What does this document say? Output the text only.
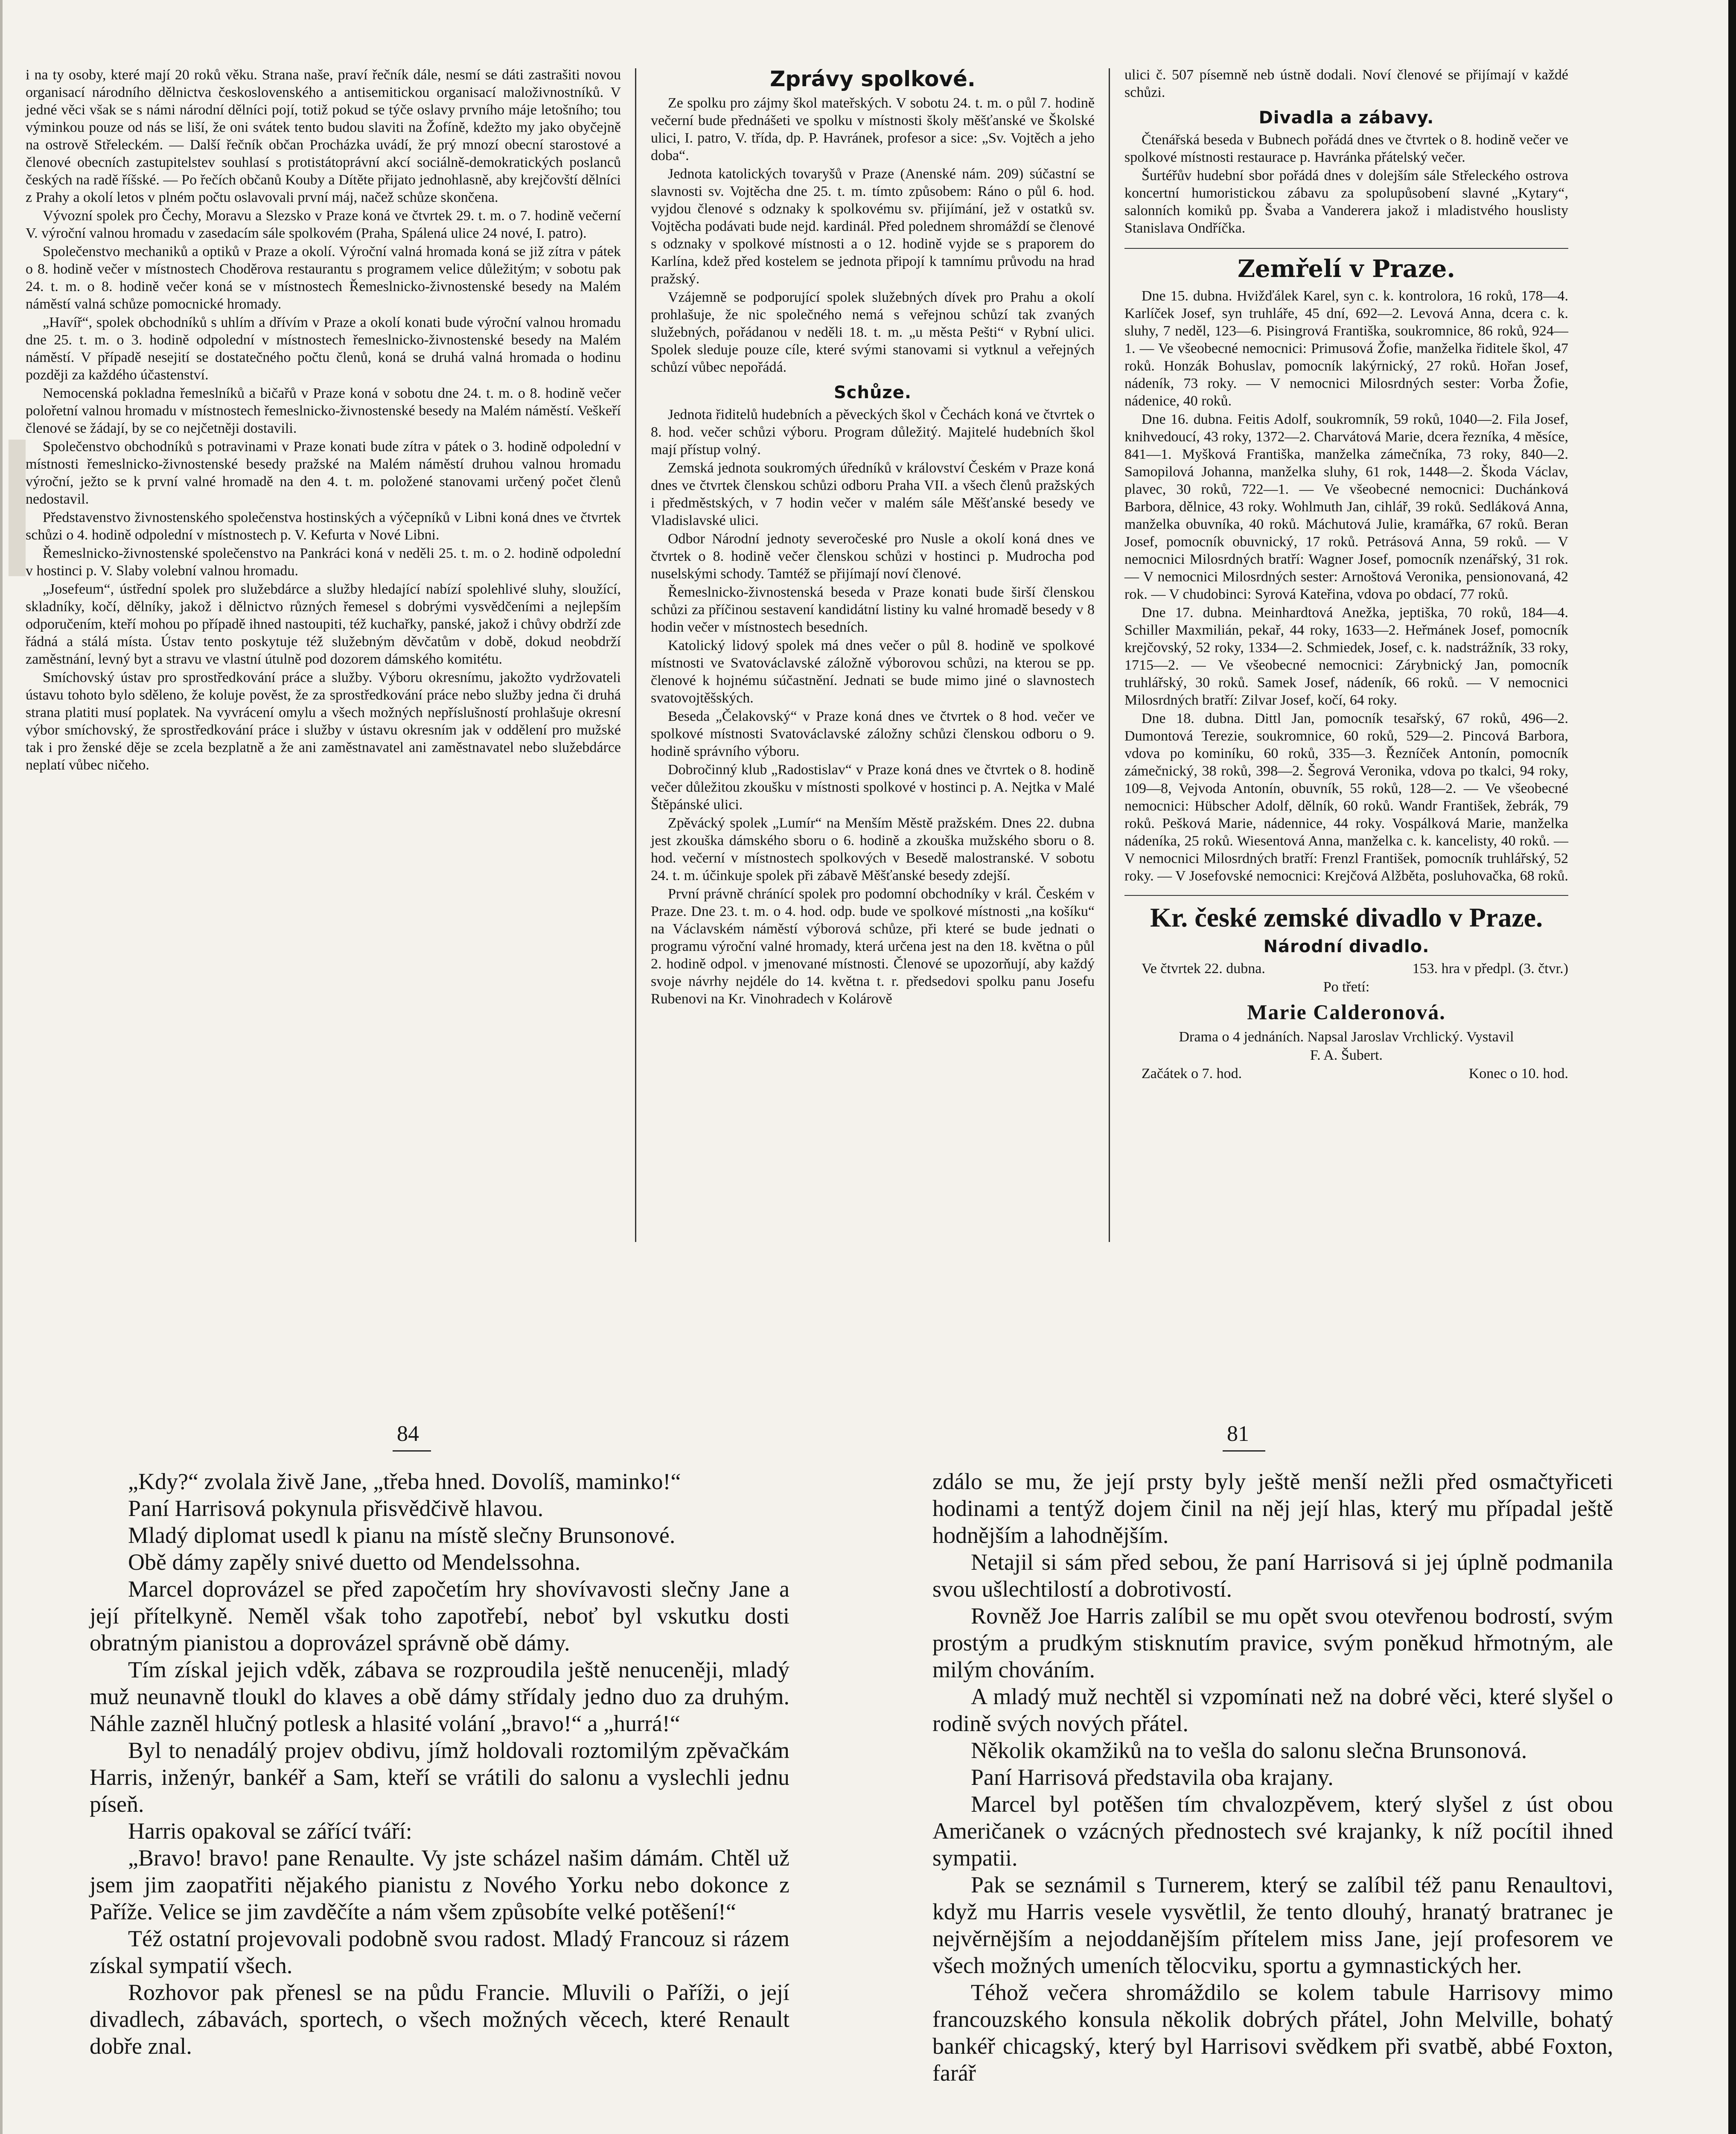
i na ty osoby, které mají 20 roků věku. Strana naše, praví řečník dále, nesmí se dáti zastrašiti novou organisací národního dělnictva československého a antisemitickou organisací maloživnostníků. V jedné věci však se s námi národní dělníci pojí, totiž pokud se týče oslavy prvního máje letošního; tou výminkou pouze od nás se liší, že oni svátek tento budou slaviti na Žofíně, kdežto my jako obyčejně na ostrově Střeleckém. — Další řečník občan Procházka uvádí, že prý mnozí obecní starostové a členové obecních zastupitelstev souhlasí s protistátoprávní akcí sociálně-demokratických poslanců českých na radě říšské. — Po řečích občanů Kouby a Dítěte přijato jednohlasně, aby krejčovští dělníci z Prahy a okolí letos v plném počtu oslavovali první máj, načež schůze skončena.

Vývozní spolek pro Čechy, Moravu a Slezsko v Praze koná ve čtvrtek 29. t. m. o 7. hodině večerní V. výroční valnou hromadu v zasedacím sále spolkovém (Praha, Spálená ulice 24 nové, I. patro).

Společenstvo mechaniků a optiků v Praze a okolí. Výroční valná hromada koná se již zítra v pátek o 8. hodině večer v místnostech Choděrova restaurantu s programem velice důležitým; v sobotu pak 24. t. m. o 8. hodině večer koná se v místnostech Řemeslnicko-živnostenské besedy na Malém náměstí valná schůze pomocnické hromady.

„Havíř“, spolek obchodníků s uhlím a dřívím v Praze a okolí konati bude výroční valnou hromadu dne 25. t. m. o 3. hodině odpolední v místnostech řemeslnicko-živnostenské besedy na Malém náměstí. V případě nesejití se dostatečného počtu členů, koná se druhá valná hromada o hodinu později za každého účastenství.

Nemocenská pokladna řemeslníků a bičařů v Praze koná v sobotu dne 24. t. m. o 8. hodině večer polořetní valnou hromadu v místnostech řemeslnicko-živnostenské besedy na Malém náměstí. Veškeří členové se žádají, by se co nejčetněji dostavili.

Společenstvo obchodníků s potravinami v Praze konati bude zítra v pátek o 3. hodině odpolední v místnosti řemeslnicko-živnostenské besedy pražské na Malém náměstí druhou valnou hromadu výroční, ježto se k první valné hromadě na den 4. t. m. položené stanovami určený počet členů nedostavil.

Představenstvo živnostenského společenstva hostinských a výčepníků v Libni koná dnes ve čtvrtek schůzi o 4. hodině odpolední v místnostech p. V. Kefurta v Nové Libni.

Řemeslnicko-živnostenské společenstvo na Pankráci koná v neděli 25. t. m. o 2. hodině odpolední v hostinci p. V. Slaby volební valnou hromadu.

„Josefeum“, ústřední spolek pro služebdárce a služby hledající nabízí spolehlivé sluhy, sloužící, skladníky, kočí, dělníky, jakož i dělnictvo různých řemesel s dobrými vysvědčeními a nejlepším odporučením, kteří mohou po případě ihned nastoupiti, též kuchařky, panské, jakož i chůvy obdrží zde řádná a stálá místa. Ústav tento poskytuje též služebným děvčatům v době, dokud neobdrží zaměstnání, levný byt a stravu ve vlastní útulně pod dozorem dámského komitétu.

Smíchovský ústav pro sprostředkování práce a služby. Výboru okresnímu, jakožto vydržovateli ústavu tohoto bylo sděleno, že koluje pověst, že za sprostředkování práce nebo služby jedna či druhá strana platiti musí poplatek. Na vyvrácení omylu a všech možných nepříslušností prohlašuje okresní výbor smíchovský, že sprostředkování práce i služby v ústavu okresním jak v oddělení pro mužské tak i pro ženské děje se zcela bezplatně a že ani zaměstnavatel ani zaměstnavatel nebo služebdárce neplatí vůbec ničeho.

Zprávy spolkové.

Ze spolku pro zájmy škol mateřských. V sobotu 24. t. m. o půl 7. hodině večerní bude přednášeti ve spolku v místnosti školy měšťanské ve Školské ulici, I. patro, V. třída, dp. P. Havránek, profesor a sice: „Sv. Vojtěch a jeho doba“.

Jednota katolických tovaryšů v Praze (Anenské nám. 209) súčastní se slavnosti sv. Vojtěcha dne 25. t. m. tímto způsobem: Ráno o půl 6. hod. vyjdou členové s odznaky k spolkovému sv. přijímání, jež v ostatků sv. Vojtěcha podávati bude nejd. kardinál. Před polednem shromáždí se členové s odznaky v spolkové místnosti a o 12. hodině vyjde se s praporem do Karlína, kdež před kostelem se jednota připojí k tamnímu průvodu na hrad pražský.

Vzájemně se podporující spolek služebných dívek pro Prahu a okolí prohlašuje, že nic společného nemá s veřejnou schůzí tak zvaných služebných, pořádanou v neděli 18. t. m. „u města Pešti“ v Rybní ulici. Spolek sleduje pouze cíle, které svými stanovami si vytknul a veřejných schůzí vůbec nepořádá.

Schůze.

Jednota řiditelů hudebních a pěveckých škol v Čechách koná ve čtvrtek o 8. hod. večer schůzi výboru. Program důležitý. Majitelé hudebních škol mají přístup volný.

Zemská jednota soukromých úředníků v království Českém v Praze koná dnes ve čtvrtek členskou schůzi odboru Praha VII. a všech členů pražských i předměstských, v 7 hodin večer v malém sále Měšťanské besedy ve Vladislavské ulici.

Odbor Národní jednoty severočeské pro Nusle a okolí koná dnes ve čtvrtek o 8. hodině večer členskou schůzi v hostinci p. Mudrocha pod nuselskými schody. Tamtéž se přijímají noví členové.

Řemeslnicko-živnostenská beseda v Praze konati bude širší členskou schůzi za příčinou sestavení kandidátní listiny ku valné hromadě besedy v 8 hodin večer v místnostech besedních.

Katolický lidový spolek má dnes večer o půl 8. hodině ve spolkové místnosti ve Svatováclavské záložně výborovou schůzi, na kterou se pp. členové k hojnému súčastnění. Jednati se bude mimo jiné o slavnostech svatovojtěšských.

Beseda „Čelakovský“ v Praze koná dnes ve čtvrtek o 8 hod. večer ve spolkové místnosti Svatováclavské záložny schůzi členskou odboru o 9. hodině správního výboru.

Dobročinný klub „Radostislav“ v Praze koná dnes ve čtvrtek o 8. hodině večer důležitou zkoušku v místnosti spolkové v hostinci p. A. Nejtka v Malé Štěpánské ulici.

Zpěvácký spolek „Lumír“ na Menším Městě pražském. Dnes 22. dubna jest zkouška dámského sboru o 6. hodině a zkouška mužského sboru o 8. hod. večerní v místnostech spolkových v Besedě malostranské. V sobotu 24. t. m. účinkuje spolek při zábavě Měšťanské besedy zdejší.

První právně chránící spolek pro podomní obchodníky v král. Českém v Praze. Dne 23. t. m. o 4. hod. odp. bude ve spolkové místnosti „na košíku“ na Václavském náměstí výborová schůze, při které se bude jednati o programu výroční valné hromady, která určena jest na den 18. května o půl 2. hodině odpol. v jmenované místnosti. Členové se upozorňují, aby každý svoje návrhy nejdéle do 14. května t. r. předsedovi spolku panu Josefu Rubenovi na Kr. Vinohradech v Kolárově

ulici č. 507 písemně neb ústně dodali. Noví členové se přijímají v každé schůzi.

Divadla a zábavy.

Čtenářská beseda v Bubnech pořádá dnes ve čtvrtek o 8. hodině večer ve spolkové místnosti restaurace p. Havránka přátelský večer.

Šurtéřův hudební sbor pořádá dnes v dolejším sále Střeleckého ostrova koncertní humoristickou zábavu za spolupůsobení slavné „Kytary“, salonních komiků pp. Švaba a Vanderera jakož i mladistvého houslisty Stanislava Ondříčka.

Zemřelí v Praze.

Dne 15. dubna. Hvižďálek Karel, syn c. k. kontrolora, 16 roků, 178—4. Karlíček Josef, syn truhláře, 45 dní, 692—2. Levová Anna, dcera c. k. sluhy, 7 neděl, 123—6. Pisingrová Františka, soukromnice, 86 roků, 924—1. — Ve všeobecné nemocnici: Primusová Žofie, manželka řiditele škol, 47 roků. Honzák Bohuslav, pomocník lakýrnický, 27 roků. Hořan Josef, nádeník, 73 roky. — V nemocnici Milosrdných sester: Vorba Žofie, nádenice, 40 roků.

Dne 16. dubna. Feitis Adolf, soukromník, 59 roků, 1040—2. Fila Josef, knihvedoucí, 43 roky, 1372—2. Charvátová Marie, dcera řezníka, 4 měsíce, 841—1. Myšková Františka, manželka zámečníka, 73 roky, 840—2. Samopilová Johanna, manželka sluhy, 61 rok, 1448—2. Škoda Václav, plavec, 30 roků, 722—1. — Ve všeobecné nemocnici: Duchánková Barbora, dělnice, 43 roky. Wohlmuth Jan, cihlář, 39 roků. Sedláková Anna, manželka obuvníka, 40 roků. Máchutová Julie, kramářka, 67 roků. Beran Josef, pomocník obuvnický, 17 roků. Petrásová Anna, 59 roků. — V nemocnici Milosrdných bratří: Wagner Josef, pomocník nzenářský, 31 rok. — V nemocnici Milosrdných sester: Arnoštová Veronika, pensionovaná, 42 rok. — V chudobinci: Syrová Kateřina, vdova po obdací, 77 roků.

Dne 17. dubna. Meinhardtová Anežka, jeptiška, 70 roků, 184—4. Schiller Maxmilián, pekař, 44 roky, 1633—2. Heřmánek Josef, pomocník krejčovský, 52 roky, 1334—2. Schmiedek, Josef, c. k. nadstrážník, 33 roky, 1715—2. — Ve všeobecné nemocnici: Zárybnický Jan, pomocník truhlářský, 30 roků. Samek Josef, nádeník, 66 roků. — V nemocnici Milosrdných bratří: Zilvar Josef, kočí, 64 roky.

Dne 18. dubna. Dittl Jan, pomocník tesařský, 67 roků, 496—2. Dumontová Terezie, soukromnice, 60 roků, 529—2. Pincová Barbora, vdova po kominíku, 60 roků, 335—3. Řezníček Antonín, pomocník zámečnický, 38 roků, 398—2. Šegrová Veronika, vdova po tkalci, 94 roky, 109—8, Vejvoda Antonín, obuvník, 55 roků, 128—2. — Ve všeobecné nemocnici: Hübscher Adolf, dělník, 60 roků. Wandr František, žebrák, 79 roků. Pešková Marie, nádennice, 44 roky. Vospálková Marie, manželka nádeníka, 25 roků. Wiesentová Anna, manželka c. k. kancelisty, 40 roků. — V nemocnici Milosrdných bratří: Frenzl František, pomocník truhlářský, 52 roky. — V Josefovské nemocnici: Krejčová Alžběta, posluhovačka, 68 roků.

Kr. české zemské divadlo v Praze.
Národní divadlo.

Ve čtvrtek 22. dubna.	153. hra v předpl. (3. čtvr.)

Po třetí:

Marie Calderonová.

Drama o 4 jednáních. Napsal Jaroslav Vrchlický. Vystavil

F. A. Šubert.

Začátek o 7. hod.	Konec o 10. hod.

84	81

„Kdy?“ zvolala živě Jane, „třeba hned. Dovolíš, maminko!“

Paní Harrisová pokynula přisvědčivě hlavou.

Mladý diplomat usedl k pianu na místě slečny Brunsonové.

Obě dámy zapěly snivé duetto od Mendelssohna.

Marcel doprovázel se před započetím hry shovívavosti slečny Jane a její přítelkyně. Neměl však toho zapotřebí, neboť byl vskutku dosti obratným pianistou a doprovázel správně obě dámy.

Tím získal jejich vděk, zábava se rozproudila ještě nenuceněji, mladý muž neunavně tloukl do klaves a obě dámy střídaly jedno duo za druhým. Náhle zazněl hlučný potlesk a hlasité volání „bravo!“ a „hurrá!“

Byl to nenadálý projev obdivu, jímž holdovali roztomilým zpěvačkám Harris, inženýr, bankéř a Sam, kteří se vrátili do salonu a vyslechli jednu píseň.

Harris opakoval se zářící tváří:

„Bravo! bravo! pane Renaulte. Vy jste scházel našim dámám. Chtěl už jsem jim zaopatřiti nějakého pianistu z Nového Yorku nebo dokonce z Paříže. Velice se jim zavděčíte a nám všem způsobíte velké potěšení!“

Též ostatní projevovali podobně svou radost. Mladý Francouz si rázem získal sympatií všech.

Rozhovor pak přenesl se na půdu Francie. Mluvili o Paříži, o její divadlech, zábavách, sportech, o všech možných věcech, které Renault dobře znal.

zdálo se mu, že její prsty byly ještě menší nežli před osmačtyřiceti hodinami a tentýž dojem činil na něj její hlas, který mu případal ještě hodnějším a lahodnějším.

Netajil si sám před sebou, že paní Harrisová si jej úplně podmanila svou ušlechtilostí a dobrotivostí.

Rovněž Joe Harris zalíbil se mu opět svou otevřenou bodrostí, svým prostým a prudkým stisknutím pravice, svým poněkud hřmotným, ale milým chováním.

A mladý muž nechtěl si vzpomínati než na dobré věci, které slyšel o rodině svých nových přátel.

Několik okamžiků na to vešla do salonu slečna Brunsonová.

Paní Harrisová představila oba krajany.

Marcel byl potěšen tím chvalozpěvem, který slyšel z úst obou Američanek o vzácných přednostech své krajanky, k níž pocítil ihned sympatii.

Pak se seznámil s Turnerem, který se zalíbil též panu Renaultovi, když mu Harris vesele vysvětlil, že tento dlouhý, hranatý bratranec je nejvěrnějším a nejoddanějším přítelem miss Jane, její profesorem ve všech možných umeních tělocviku, sportu a gymnastických her.

Téhož večera shromáždilo se kolem tabule Harrisovy mimo francouzského konsula několik dobrých přátel, John Melville, bohatý bankéř chicagský, který byl Harrisovi svědkem při svatbě, abbé Foxton, farář
